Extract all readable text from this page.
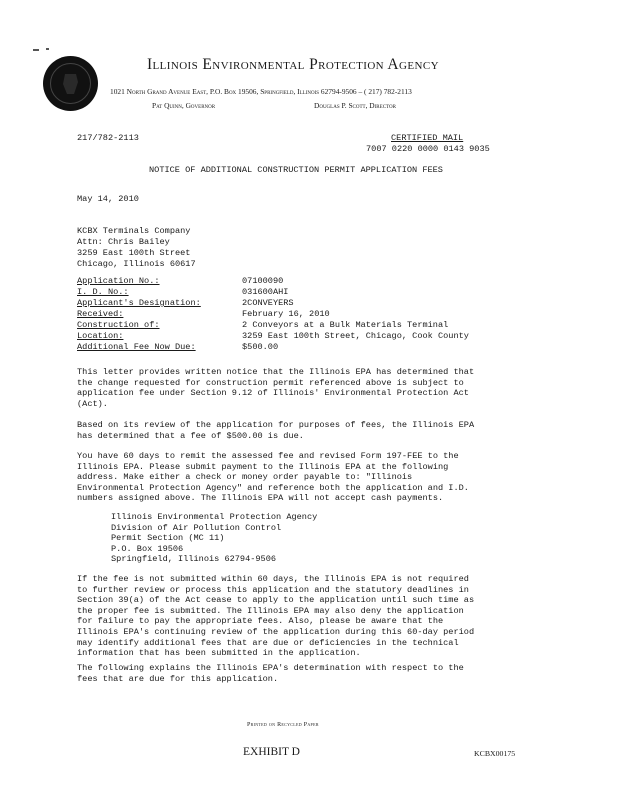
Illinois Environmental Protection Agency
1021 North Grand Avenue East, P.O. Box 19506, Springfield, Illinois 62794-9506 – ( 217) 782-2113
Pat Quinn, Governor	Douglas P. Scott, Director
217/782-2113	CERTIFIED MAIL
7007 0220 0000 0143 9035
NOTICE OF ADDITIONAL CONSTRUCTION PERMIT APPLICATION FEES
May 14, 2010
KCBX Terminals Company
Attn: Chris Bailey
3259 East 100th Street
Chicago, Illinois 60617
Application No.:	07100090
I. D. No.:	031600AHI
Applicant's Designation:	2CONVEYERS
Received:	February 16, 2010
Construction of:	2 Conveyors at a Bulk Materials Terminal
Location:	3259 East 100th Street, Chicago, Cook County
Additional Fee Now Due:	$500.00
This letter provides written notice that the Illinois EPA has determined that
the change requested for construction permit referenced above is subject to
application fee under Section 9.12 of Illinois' Environmental Protection Act
(Act).
Based on its review of the application for purposes of fees, the Illinois EPA
has determined that a fee of $500.00 is due.
You have 60 days to remit the assessed fee and revised Form 197-FEE to the
Illinois EPA. Please submit payment to the Illinois EPA at the following
address. Make either a check or money order payable to: "Illinois
Environmental Protection Agency" and reference both the application and I.D.
numbers assigned above. The Illinois EPA will not accept cash payments.
Illinois Environmental Protection Agency
Division of Air Pollution Control
Permit Section (MC 11)
P.O. Box 19506
Springfield, Illinois 62794-9506
If the fee is not submitted within 60 days, the Illinois EPA is not required
to further review or process this application and the statutory deadlines in
Section 39(a) of the Act cease to apply to the application until such time as
the proper fee is submitted. The Illinois EPA may also deny the application
for failure to pay the appropriate fees. Also, please be aware that the
Illinois EPA's continuing review of the application during this 60-day period
may identify additional fees that are due or deficiencies in the technical
information that has been submitted in the application.
The following explains the Illinois EPA's determination with respect to the
fees that are due for this application.
Printed on Recycled Paper
EXHIBIT D	KCBX00175
